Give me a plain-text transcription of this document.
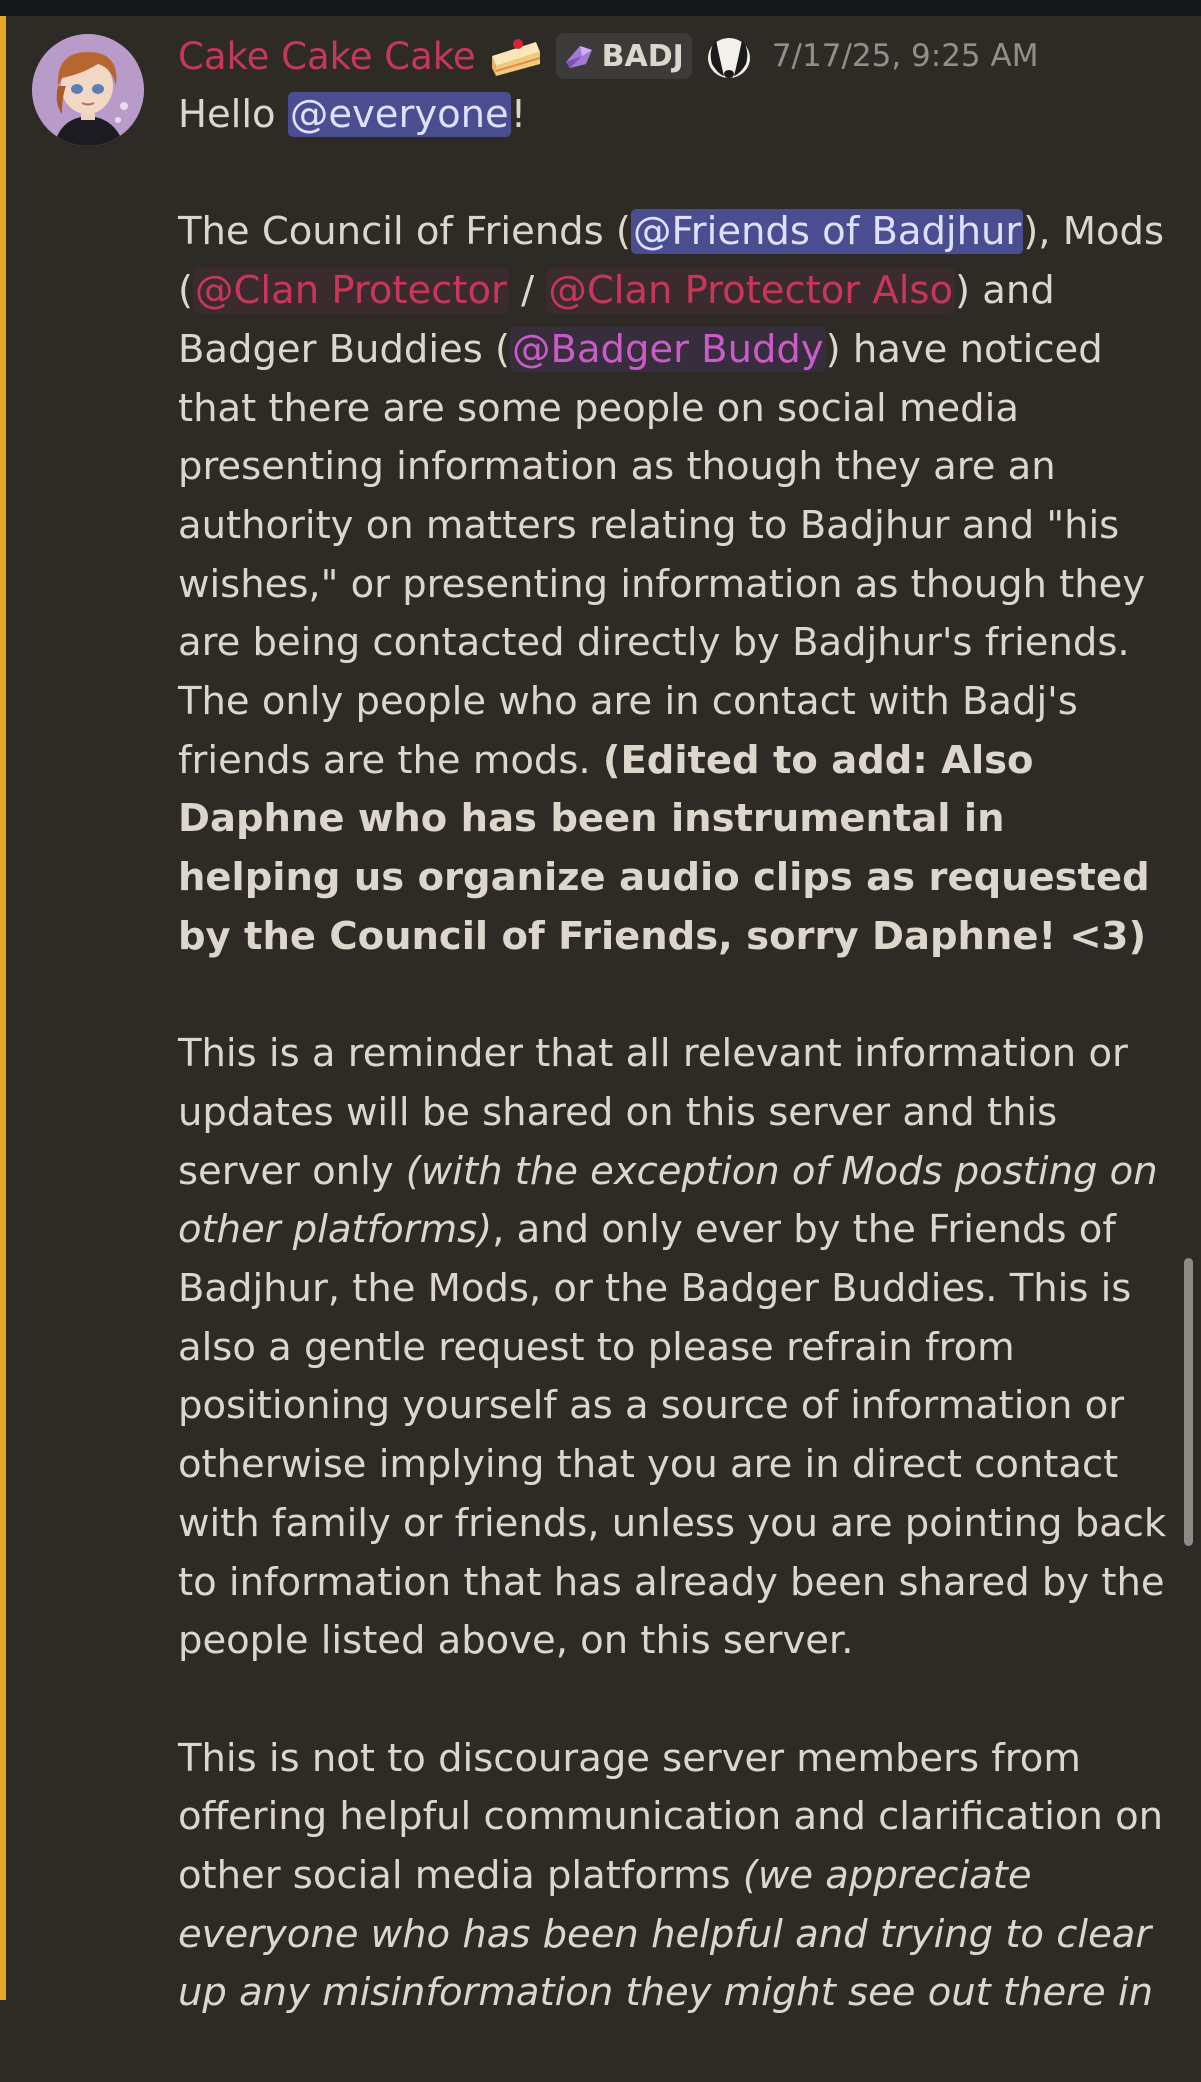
Cake Cake Cake	BADJ	7/17/25, 9:25 AM

Hello @everyone!

The Council of Friends (@Friends of Badjhur), Mods (@Clan Protector / @Clan Protector Also) and Badger Buddies (@Badger Buddy) have noticed that there are some people on social media presenting information as though they are an authority on matters relating to Badjhur and "his wishes," or presenting information as though they are being contacted directly by Badjhur's friends. The only people who are in contact with Badj's friends are the mods. (Edited to add: Also Daphne who has been instrumental in helping us organize audio clips as requested by the Council of Friends, sorry Daphne! <3)

This is a reminder that all relevant information or updates will be shared on this server and this server only (with the exception of Mods posting on other platforms), and only ever by the Friends of Badjhur, the Mods, or the Badger Buddies. This is also a gentle request to please refrain from positioning yourself as a source of information or otherwise implying that you are in direct contact with family or friends, unless you are pointing back to information that has already been shared by the people listed above, on this server.

This is not to discourage server members from offering helpful communication and clarification on other social media platforms (we appreciate everyone who has been helpful and trying to clear up any misinformation they might see out there in
